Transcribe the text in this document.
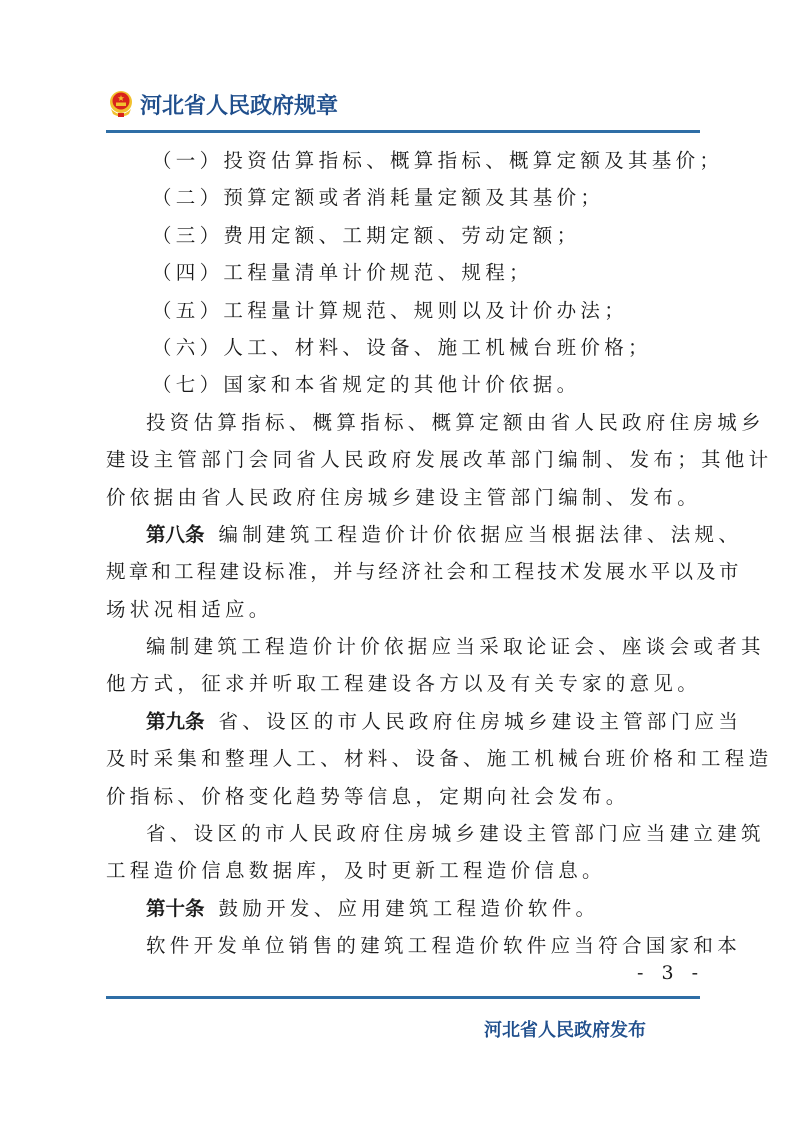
河北省人民政府规章
（一）投资估算指标、概算指标、概算定额及其基价；
（二）预算定额或者消耗量定额及其基价；
（三）费用定额、工期定额、劳动定额；
（四）工程量清单计价规范、规程；
（五）工程量计算规范、规则以及计价办法；
（六）人工、材料、设备、施工机械台班价格；
（七）国家和本省规定的其他计价依据。
投资估算指标、概算指标、概算定额由省人民政府住房城乡
建设主管部门会同省人民政府发展改革部门编制、发布；其他计
价依据由省人民政府住房城乡建设主管部门编制、发布。
第八条 编制建筑工程造价计价依据应当根据法律、法规、
规章和工程建设标准，并与经济社会和工程技术发展水平以及市
场状况相适应。
编制建筑工程造价计价依据应当采取论证会、座谈会或者其
他方式，征求并听取工程建设各方以及有关专家的意见。
第九条 省、设区的市人民政府住房城乡建设主管部门应当
及时采集和整理人工、材料、设备、施工机械台班价格和工程造
价指标、价格变化趋势等信息，定期向社会发布。
省、设区的市人民政府住房城乡建设主管部门应当建立建筑
工程造价信息数据库，及时更新工程造价信息。
第十条 鼓励开发、应用建筑工程造价软件。
软件开发单位销售的建筑工程造价软件应当符合国家和本
- 3 -
河北省人民政府发布
